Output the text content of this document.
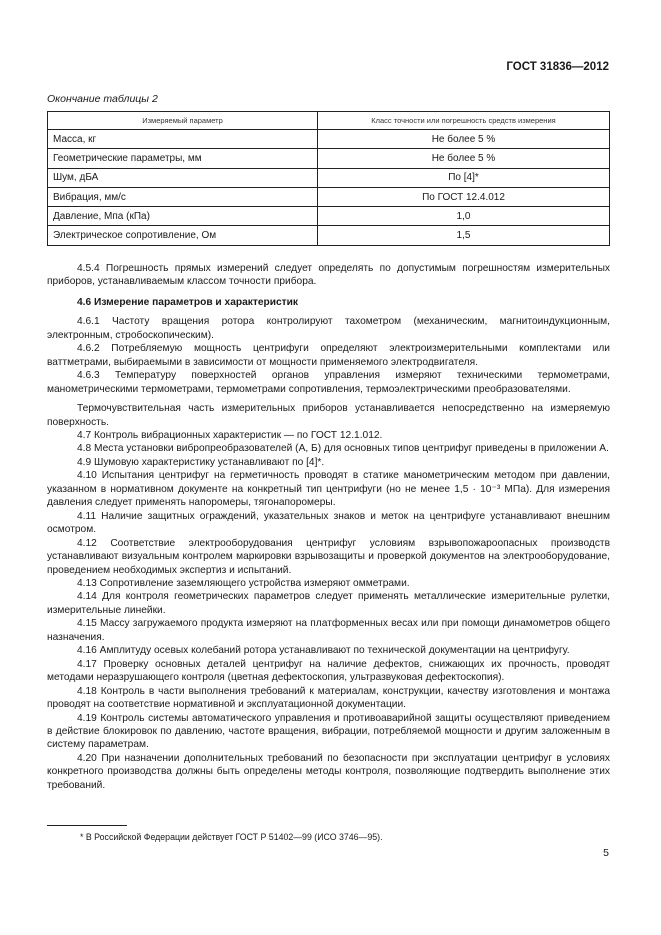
ГОСТ 31836—2012
Окончание таблицы 2
Измеряемый параметр	Класс точности или погрешность средств измерения
Масса, кг	Не более 5 %
Геометрические параметры, мм	Не более 5 %
Шум, дБА	По [4]*
Вибрация, мм/с	По ГОСТ 12.4.012
Давление, Мпа (кПа)	1,0
Электрическое сопротивление, Ом	1,5

4.5.4 Погрешность прямых измерений следует определять по допустимым погрешностям измерительных приборов, устанавливаемым классом точности прибора.

4.6 Измерение параметров и характеристик

4.6.1 Частоту вращения ротора контролируют тахометром (механическим, магнитоиндукционным, электронным, стробоскопическим).

4.6.2 Потребляемую мощность центрифуги определяют электроизмерительными комплектами или ваттметрами, выбираемыми в зависимости от мощности применяемого электродвигателя.

4.6.3 Температуру поверхностей органов управления измеряют техническими термометрами, манометрическими термометрами, термометрами сопротивления, термоэлектрическими преобразователями.

Термочувствительная часть измерительных приборов устанавливается непосредственно на измеряемую поверхность.

4.7 Контроль вибрационных характеристик — по ГОСТ 12.1.012.

4.8 Места установки вибропреобразователей (А, Б) для основных типов центрифуг приведены в приложении А.

4.9 Шумовую характеристику устанавливают по [4]*.

4.10 Испытания центрифуг на герметичность проводят в статике манометрическим методом при давлении, указанном в нормативном документе на конкретный тип центрифуги (но не менее 1,5 · 10⁻³ МПа). Для измерения давления следует применять напоромеры, тягонапоромеры.

4.11 Наличие защитных ограждений, указательных знаков и меток на центрифуге устанавливают внешним осмотром.

4.12 Соответствие электрооборудования центрифуг условиям взрывопожароопасных производств устанавливают визуальным контролем маркировки взрывозащиты и проверкой документов на электрооборудование, проведением необходимых экспертиз и испытаний.

4.13 Сопротивление заземляющего устройства измеряют омметрами.

4.14 Для контроля геометрических параметров следует применять металлические измерительные рулетки, измерительные линейки.

4.15 Массу загружаемого продукта измеряют на платформенных весах или при помощи динамометров общего назначения.

4.16 Амплитуду осевых колебаний ротора устанавливают по технической документации на центрифугу.

4.17 Проверку основных деталей центрифуг на наличие дефектов, снижающих их прочность, проводят методами неразрушающего контроля (цветная дефектоскопия, ультразвуковая дефектоскопия).

4.18 Контроль в части выполнения требований к материалам, конструкции, качеству изготовления и монтажа проводят на соответствие нормативной и эксплуатационной документации.

4.19 Контроль системы автоматического управления и противоаварийной защиты осуществляют приведением в действие блокировок по давлению, частоте вращения, вибрации, потребляемой мощности и другим заложенным в систему параметрам.

4.20 При назначении дополнительных требований по безопасности при эксплуатации центрифуг в условиях конкретного производства должны быть определены методы контроля, позволяющие подтвердить выполнение этих требований.

* В Российской Федерации действует ГОСТ Р 51402—99 (ИСО 3746—95).
5
